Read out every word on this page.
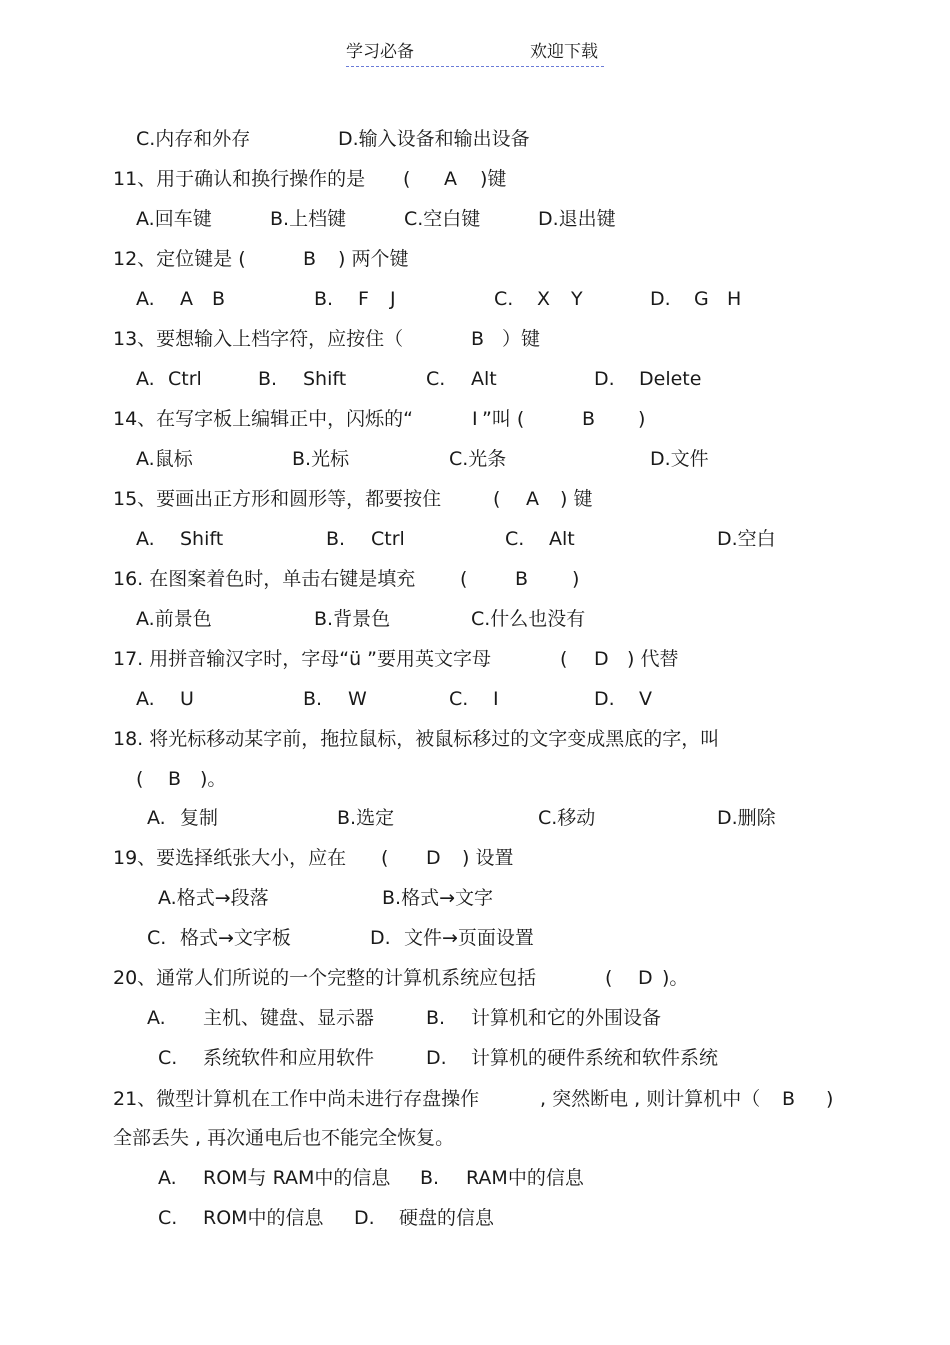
学习必备	欢迎下载
C.内存和外存	D.输入设备和输出设备
11、用于确认和换行操作的是 ( A )键
A.回车键	B.上档键	C.空白键	D.退出键
12、定位键是 (	B ) 两个键
A. A B	B. F J	C. X Y	D. G H
13、要想输入上档字符，应按住（	B ）键
A. Ctrl	B. Shift	C. Alt	D. Delete
14、在写字板上编辑正中，闪烁的“	I ”叫 (	B )
A.鼠标	B.光标	C.光条	D.文件
15、要画出正方形和圆形等，都要按住	( A ) 键
A. Shift	B. Ctrl	C. Alt	D.空白
16. 在图案着色时，单击右键是填充 (	B )
A.前景色	B.背景色	C.什么也没有
17. 用拼音输汉字时，字母“ü ”要用英文字母	( D ) 代替
A. U	B. W	C. I	D. V
18. 将光标移动某字前，拖拉鼠标，被鼠标移过的文字变成黑底的字，叫
( B )。
A. 复制	B.选定	C.移动	D.删除
19、要选择纸张大小，应在 ( D ) 设置
A.格式→段落	B.格式→文字
C. 格式→文字板	D. 文件→页面设置
20、通常人们所说的一个完整的计算机系统应包括	( D )。
A. 主机、键盘、显示器	B. 计算机和它的外围设备
C. 系统软件和应用软件	D. 计算机的硬件系统和软件系统
21、微型计算机在工作中尚未进行存盘操作	, 突然断电 , 则计算机中（ B )
全部丢失 , 再次通电后也不能完全恢复。
A. ROM与 RAM中的信息 B. RAM中的信息
C. ROM中的信息 D. 硬盘的信息
